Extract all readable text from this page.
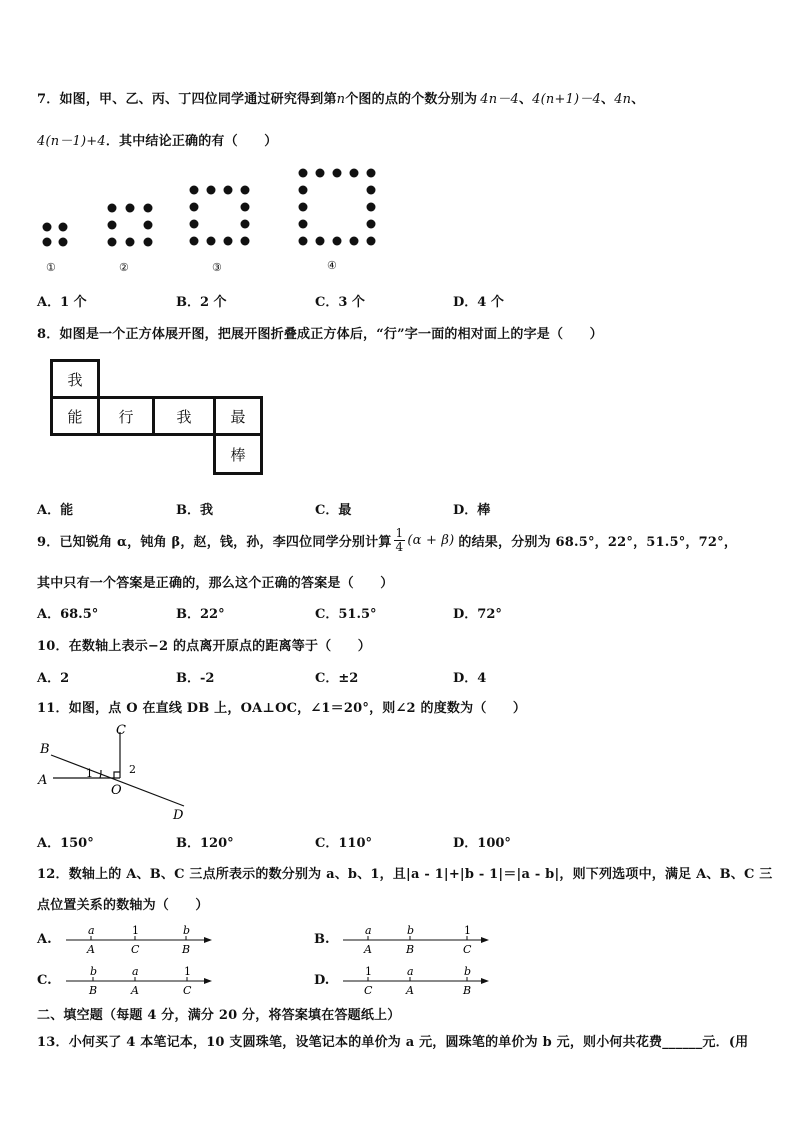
7．如图，甲、乙、丙、丁四位同学通过研究得到第n个图的点的个数分别为 4n－4、4(n+1)－4、4n、
4(n－1)+4．其中结论正确的有（　　）
①	②	③	④
A．1 个	B．2 个	C．3 个	D．4 个
8．如图是一个正方体展开图，把展开图折叠成正方体后，“行”字一面的相对面上的字是（　　）
我
能	行	我	最
棒
A．能	B．我	C．最	D．棒
9．已知锐角 α，钝角 β，赵，钱，孙，李四位同学分别计算 $\frac{1}{4} (\alpha + \beta)$ 的结果，分别为 68.5°，22°，51.5°，72°，
其中只有一个答案是正确的，那么这个正确的答案是（　　）
A．68.5°	B．22°	C．51.5°	D．72°
10．在数轴上表示−2 的点离开原点的距离等于（　　）
A．2	B．-2	C．±2	D．4
11．如图，点 O 在直线 DB 上，OA⊥OC，∠1＝20°，则∠2 的度数为（　　）
B
C
A
O
D
1	2
A．150°	B．120°	C．110°	D．100°
12．数轴上的 A、B、C 三点所表示的数分别为 a、b、1，且|a - 1|+|b - 1|＝|a - b|，则下列选项中，满足 A、B、C 三
点位置关系的数轴为（　　）
A.
a	1	b
A	C	B
B.
a	b	1
A	B	C
C.
b	a	1
B	A	C
D.
1	a	b
C	A	B
二、填空题（每题 4 分，满分 20 分，将答案填在答题纸上）
13．小何买了 4 本笔记本，10 支圆珠笔，设笔记本的单价为 a 元，圆珠笔的单价为 b 元，则小何共花费______元．(用
